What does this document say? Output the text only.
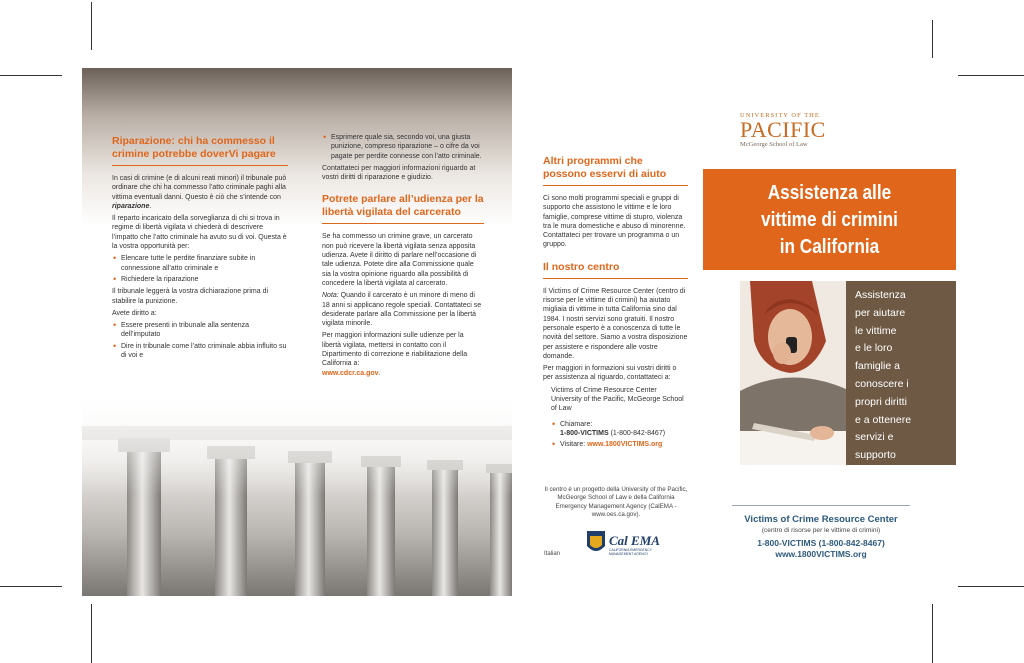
Riparazione: chi ha commesso il crimine potrebbe doverVi pagare

In casi di crimine (e di alcuni reati minori) il tribunale può ordinare che chi ha commesso l’atto criminale paghi alla vittima eventuali danni. Questo è ciò che s’intende con riparazione.

Il reparto incaricato della sorveglianza di chi si trova in regime di libertà vigilata vi chiederà di descrivere l’impatto che l’atto criminale ha avuto su di voi. Questa è la vostra opportunità per:

• Elencare tutte le perdite finanziare subite in connessione all’atto criminale e
• Richiedere la riparazione

Il tribunale leggerà la vostra dichiarazione prima di stabilire la punizione.

Avete diritto a:

• Essere presenti in tribunale alla sentenza dell’imputato
• Dire in tribunale come l’atto criminale abbia influito su di voi e
• Esprimere quale sia, secondo voi, una giusta punizione, compreso riparazione – o cifre da voi pagate per perdite connesse con l’atto criminale.

Contattateci per maggiori informazioni riguardo at vostri diritti di riparazione e giudizio.

Potrete parlare all’udienza per la libertà vigilata del carcerato

Se ha commesso un crimine grave, un carcerato non può ricevere la libertà vigilata senza apposita udienza. Avete il diritto di parlare nell’occasione di tale udienza. Potete dire alla Commissione quale sia la vostra opinione riguardo alla possibilità di concedere la libertà vigilata al carcerato.

Nota: Quando il carcerato è un minore di meno di 18 anni si applicano regole speciali. Contattateci se desiderate parlare alla Commissione per la libertà vigilata minorile.

Per maggiori informazioni sulle udienze per la libertà vigilata, mettersi in contatto con il Dipartimento di correzione e riabilitazione della California a:
www.cdcr.ca.gov.

Altri programmi che possono esservi di aiuto

Ci sono molti programmi speciali e gruppi di supporto che assistono le vittime e le loro famiglie, comprese vittime di stupro, violenza tra le mura domestiche e abuso di minorenne. Contattateci per trovare un programma o un gruppo.

Il nostro centro

Il Victims of Crime Resource Center (centro di risorse per le vittime di crimini) ha aiutato migliaia di vittime in tutta California sino dal 1984. I nostri servizi sono gratuiti. Il nostro personale esperto è a conoscenza di tutte le novità del settore. Siamo a vostra disposizione per assistere e rispondere alle vostre domande.

Per maggiori in formazioni sui vostri diritti o per assistenza al riguardo, contattateci a:

Victims of Crime Resource Center
University of the Pacific, McGeorge School of Law

• Chiamare:
1-800-VICTIMS (1-800-842-8467)
• Visitare: www.1800VICTIMS.org
Il centro è un progetto della University of the Pacific, McGeorge School of Law e della California Emergency Management Agency (CalEMA - www.oes.ca.gov).
Cal EMA
CALIFORNIA EMERGENCY
MANAGEMENT AGENCY
Italian
UNIVERSITY OF THE
PACIFIC
McGeorge School of Law
Assistenza alle
vittime di crimini
in California
Assistenza
per aiutare
le vittime
e le loro
famiglie a
conoscere i
propri diritti
e a ottenere
servizi e
supporto
Victims of Crime Resource Center
(centro di risorse per le vittime di crimini)
1-800-VICTIMS (1-800-842-8467)
www.1800VICTIMS.org
